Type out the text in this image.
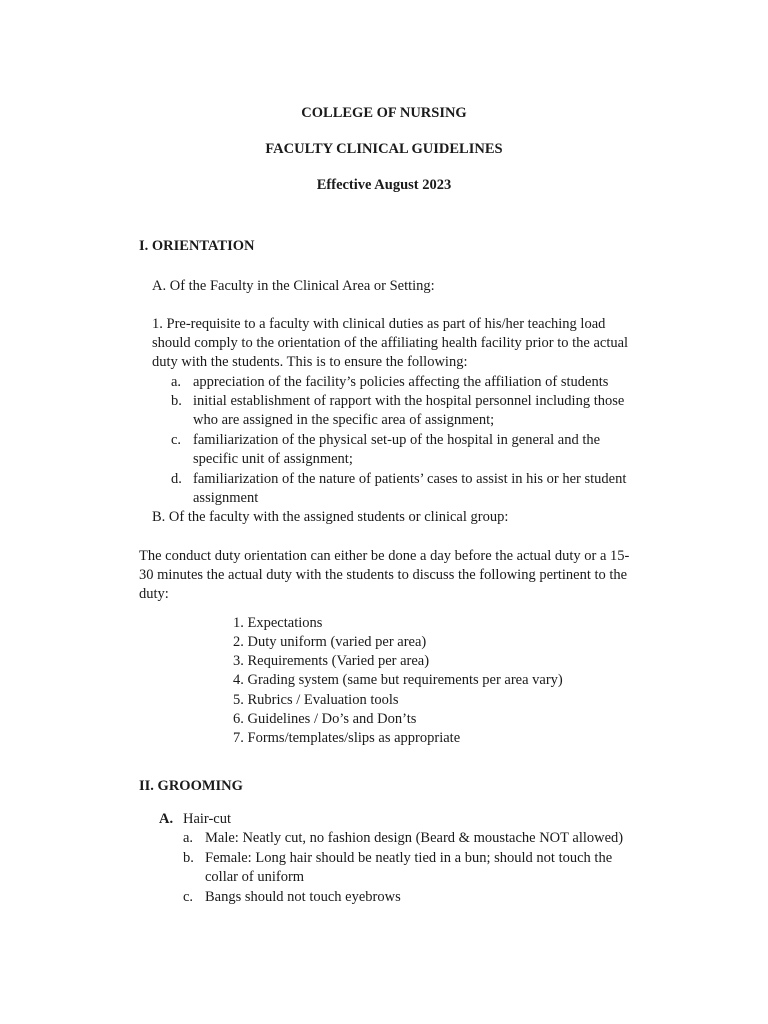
COLLEGE OF NURSING
FACULTY CLINICAL GUIDELINES
Effective August 2023
I. ORIENTATION
A. Of the Faculty in the Clinical Area or Setting:
1. Pre-requisite to a faculty with clinical duties as part of his/her teaching load
should comply to the orientation of the affiliating health facility prior to the actual
duty with the students. This is to ensure the following:
a. appreciation of the facility’s policies affecting the affiliation of students
b. initial establishment of rapport with the hospital personnel including those
who are assigned in the specific area of assignment;
c. familiarization of the physical set-up of the hospital in general and the
specific unit of assignment;
d. familiarization of the nature of patients’ cases to assist in his or her student
assignment
B. Of the faculty with the assigned students or clinical group:
The conduct duty orientation can either be done a day before the actual duty or a 15-
30 minutes the actual duty with the students to discuss the following pertinent to the
duty:
1. Expectations
2. Duty uniform (varied per area)
3. Requirements (Varied per area)
4. Grading system (same but requirements per area vary)
5. Rubrics / Evaluation tools
6. Guidelines / Do’s and Don’ts
7. Forms/templates/slips as appropriate
II. GROOMING
A. Hair-cut
a. Male: Neatly cut, no fashion design (Beard & moustache NOT allowed)
b. Female: Long hair should be neatly tied in a bun; should not touch the
collar of uniform
c. Bangs should not touch eyebrows
